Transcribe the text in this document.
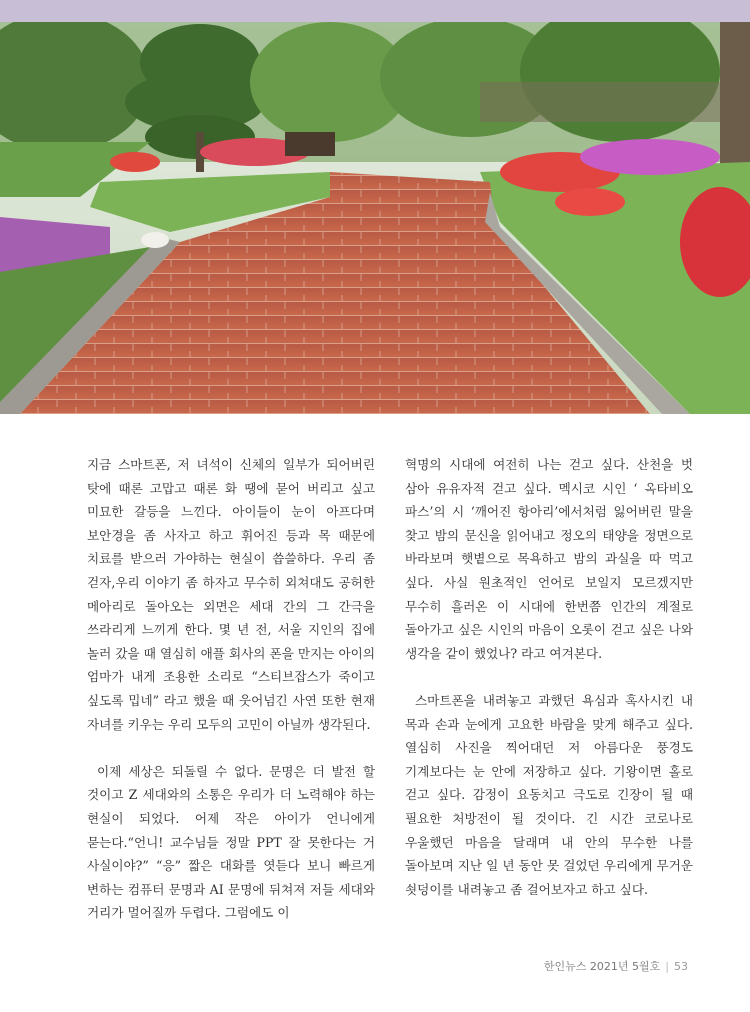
지금 스마트폰, 저 녀석이 신체의 일부가 되어버린 탓에 때론 고맙고 때론 화 땡에 묻어 버리고 싶고 미묘한 갈등을 느낀다. 아이들이 눈이 아프다며 보안경을 좀 사자고 하고 휘어진 등과 목 때문에 치료를 받으러 가야하는 현실이 씁쓸하다. 우리 좀 걷자,우리 이야기 좀 하자고 무수히 외쳐대도 공허한 메아리로 돌아오는 외면은 세대 간의 그 간극을 쓰라리게 느끼게 한다. 몇 년 전, 서울 지인의 집에 놀러 갔을 때 열심히 애플 회사의 폰을 만지는 아이의 엄마가 내게 조용한 소리로 “스티브잡스가 죽이고 싶도록 밉네” 라고 했을 때 웃어넘긴 사연 또한 현재 자녀를 키우는 우리 모두의 고민이 아닐까 생각된다.

이제 세상은 되돌릴 수 없다. 문명은 더 발전 할 것이고 Z 세대와의 소통은 우리가 더 노력해야 하는 현실이 되었다. 어제 작은 아이가 언니에게 묻는다.“언니! 교수님들 정말 PPT 잘 못한다는 거 사실이야?” “응” 짧은 대화를 엿듣다 보니 빠르게 변하는 컴퓨터 문명과 AI 문명에 뒤쳐져 저들 세대와 거리가 멀어질까 두렵다. 그럼에도 이

혁명의 시대에 여전히 나는 걷고 싶다. 산천을 벗 삼아 유유자적 걷고 싶다. 멕시코 시인 ‘ 옥타비오 파스’의 시 ‘깨어진 항아리’에서처럼 잃어버린 말을 찾고 밤의 문신을 읽어내고 정오의 태양을 정면으로 바라보며 햇볕으로 목욕하고 밤의 과실을 따 먹고 싶다. 사실 원초적인 언어로 보일지 모르겠지만 무수히 흘러온 이 시대에 한번쯤 인간의 계절로 돌아가고 싶은 시인의 마음이 오롯이 걷고 싶은 나와 생각을 같이 했었나? 라고 여겨본다.

스마트폰을 내려놓고 과했던 욕심과 혹사시킨 내 목과 손과 눈에게 고요한 바람을 맞게 해주고 싶다. 열심히 사진을 찍어대던 저 아름다운 풍경도 기계보다는 눈 안에 저장하고 싶다. 기왕이면 홀로 걷고 싶다. 감정이 요동치고 극도로 긴장이 될 때 필요한 처방전이 될 것이다. 긴 시간 코로나로 우울했던 마음을 달래며 내 안의 무수한 나를 돌아보며 지난 일 년 동안 못 걸었던 우리에게 무거운 쇳덩이를 내려놓고 좀 걸어보자고 하고 싶다.

한인뉴스 2021년 5월호 | 53
